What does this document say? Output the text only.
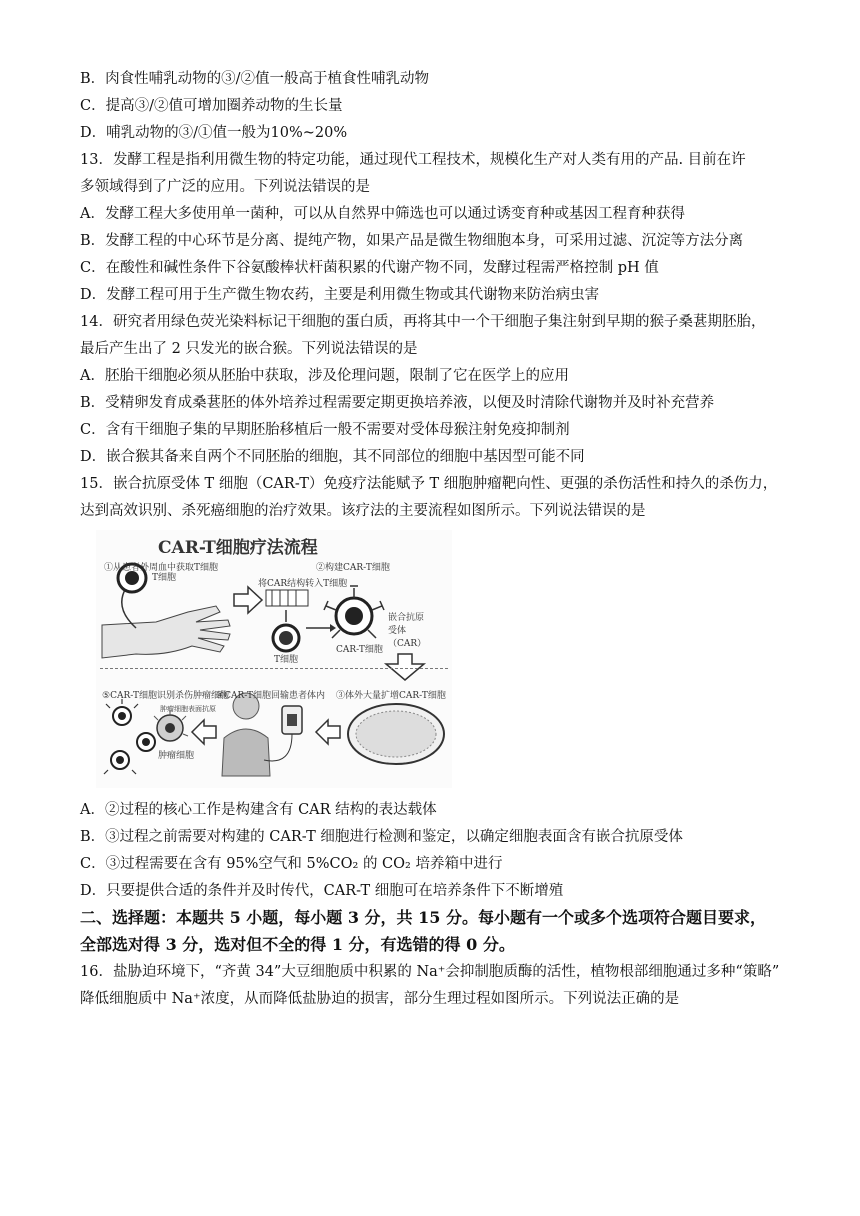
B．肉食性哺乳动物的③/②值一般高于植食性哺乳动物
C．提高③/②值可增加圈养动物的生长量
D．哺乳动物的③/①值一般为10%~20%
13．发酵工程是指利用微生物的特定功能，通过现代工程技术，规模化生产对人类有用的产品. 目前在许
多领域得到了广泛的应用。下列说法错误的是
A．发酵工程大多使用单一菌种，可以从自然界中筛选也可以通过诱变育种或基因工程育种获得
B．发酵工程的中心环节是分离、提纯产物，如果产品是微生物细胞本身，可采用过滤、沉淀等方法分离
C．在酸性和碱性条件下谷氨酸棒状杆菌积累的代谢产物不同，发酵过程需严格控制 pH 值
D．发酵工程可用于生产微生物农药，主要是利用微生物或其代谢物来防治病虫害
14．研究者用绿色荧光染料标记干细胞的蛋白质，再将其中一个干细胞子集注射到早期的猴子桑葚期胚胎，
最后产生出了 2 只发光的嵌合猴。下列说法错误的是
A．胚胎干细胞必须从胚胎中获取，涉及伦理问题，限制了它在医学上的应用
B．受精卵发育成桑葚胚的体外培养过程需要定期更换培养液，以便及时清除代谢物并及时补充营养
C．含有干细胞子集的早期胚胎移植后一般不需要对受体母猴注射免疫抑制剂
D．嵌合猴其备来自两个不同胚胎的细胞，其不同部位的细胞中基因型可能不同
15．嵌合抗原受体 T 细胞（CAR-T）免疫疗法能赋予 T 细胞肿瘤靶向性、更强的杀伤活性和持久的杀伤力，
达到高效识别、杀死癌细胞的治疗效果。该疗法的主要流程如图所示。下列说法错误的是
CAR-T细胞疗法流程
①从患者外周血中获取T细胞	②构建CAR-T细胞
T细胞
将CAR结构转入T细胞
嵌合抗原受体（CAR）
T细胞
CAR-T细胞
⑤CAR-T细胞识别杀伤肿瘤细胞
④CAR-T细胞回输患者体内 ③体外大量扩增CAR-T细胞
肿瘤细胞表面抗原
肿瘤细胞
A．②过程的核心工作是构建含有 CAR 结构的表达载体
B．③过程之前需要对构建的 CAR-T 细胞进行检测和鉴定，以确定细胞表面含有嵌合抗原受体
C．③过程需要在含有 95%空气和 5%CO₂ 的 CO₂ 培养箱中进行
D．只要提供合适的条件并及时传代，CAR-T 细胞可在培养条件下不断增殖
二、选择题：本题共 5 小题，每小题 3 分，共 15 分。每小题有一个或多个选项符合题目要求，
全部选对得 3 分，选对但不全的得 1 分，有选错的得 0 分。
16．盐胁迫环境下，“齐黄 34”大豆细胞质中积累的 Na⁺会抑制胞质酶的活性，植物根部细胞通过多种“策略”
降低细胞质中 Na⁺浓度，从而降低盐胁迫的损害，部分生理过程如图所示。下列说法正确的是
